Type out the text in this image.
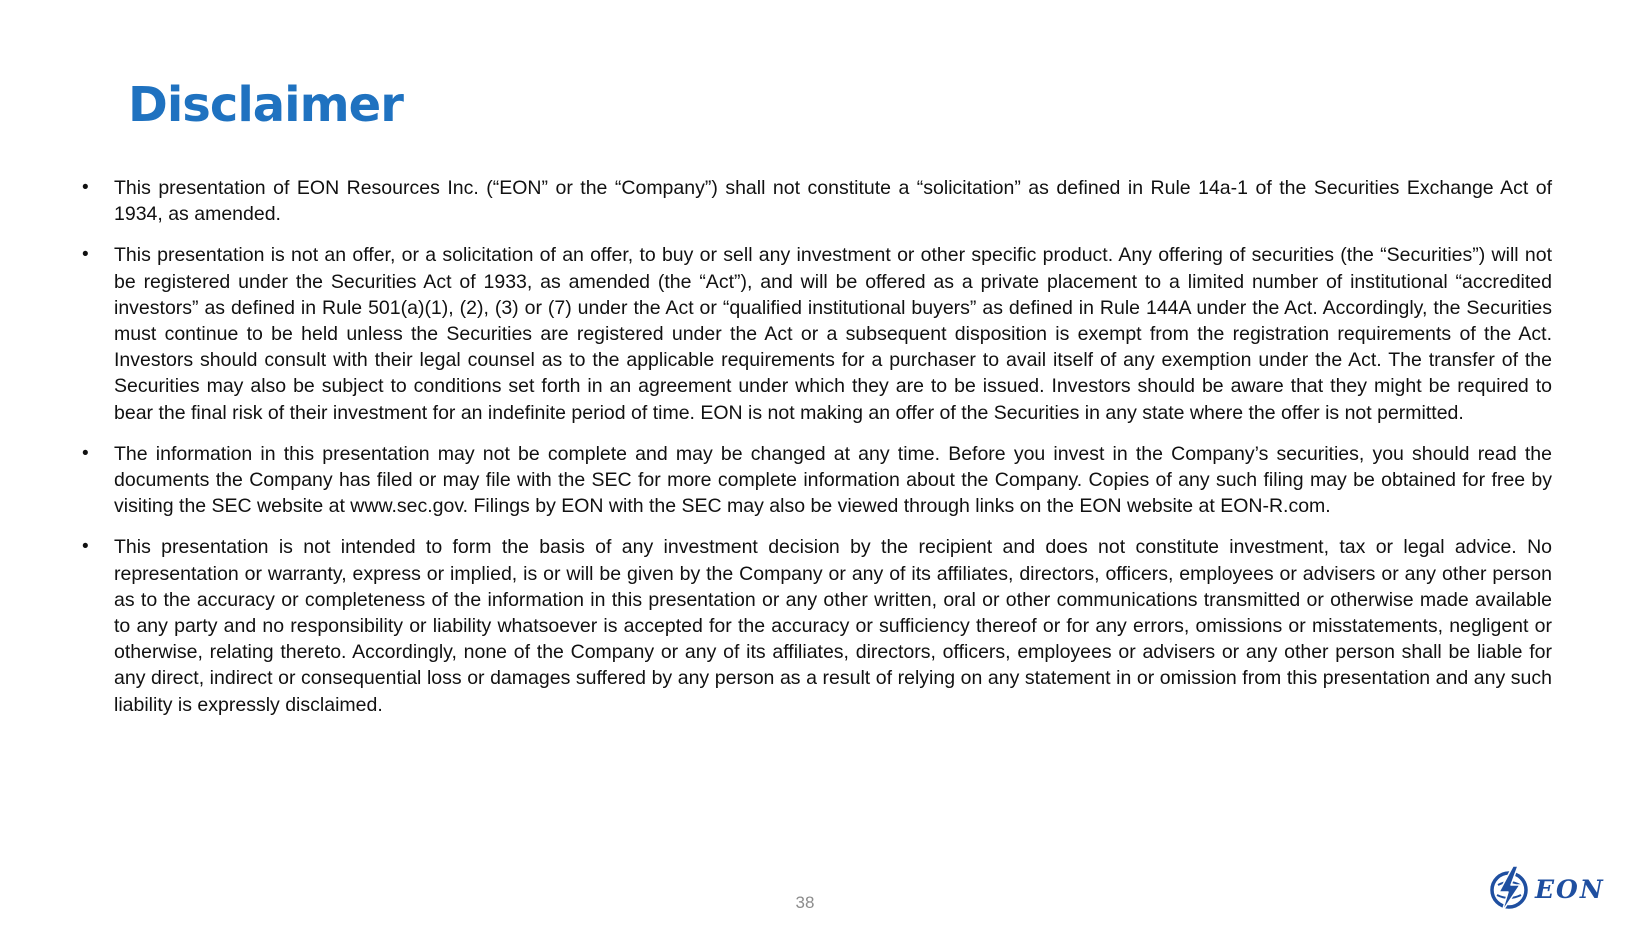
Disclaimer
•	This presentation of EON Resources Inc. (“EON” or the “Company”) shall not constitute a “solicitation” as defined in Rule 14a-1 of the Securities Exchange Act of 1934, as amended.
•	This presentation is not an offer, or a solicitation of an offer, to buy or sell any investment or other specific product. Any offering of securities (the “Securities”) will not be registered under the Securities Act of 1933, as amended (the “Act”), and will be offered as a private placement to a limited number of institutional “accredited investors” as defined in Rule 501(a)(1), (2), (3) or (7) under the Act or “qualified institutional buyers” as defined in Rule 144A under the Act. Accordingly, the Securities must continue to be held unless the Securities are registered under the Act or a subsequent disposition is exempt from the registration requirements of the Act. Investors should consult with their legal counsel as to the applicable requirements for a purchaser to avail itself of any exemption under the Act. The transfer of the Securities may also be subject to conditions set forth in an agreement under which they are to be issued. Investors should be aware that they might be required to bear the final risk of their investment for an indefinite period of time. EON is not making an offer of the Securities in any state where the offer is not permitted.
•	The information in this presentation may not be complete and may be changed at any time. Before you invest in the Company’s securities, you should read the documents the Company has filed or may file with the SEC for more complete information about the Company. Copies of any such filing may be obtained for free by visiting the SEC website at www.sec.gov. Filings by EON with the SEC may also be viewed through links on the EON website at EON-R.com.
•	This presentation is not intended to form the basis of any investment decision by the recipient and does not constitute investment, tax or legal advice. No representation or warranty, express or implied, is or will be given by the Company or any of its affiliates, directors, officers, employees or advisers or any other person as to the accuracy or completeness of the information in this presentation or any other written, oral or other communications transmitted or otherwise made available to any party and no responsibility or liability whatsoever is accepted for the accuracy or sufficiency thereof or for any errors, omissions or misstatements, negligent or otherwise, relating thereto. Accordingly, none of the Company or any of its affiliates, directors, officers, employees or advisers or any other person shall be liable for any direct, indirect or consequential loss or damages suffered by any person as a result of relying on any statement in or omission from this presentation and any such liability is expressly disclaimed.
38	EON
